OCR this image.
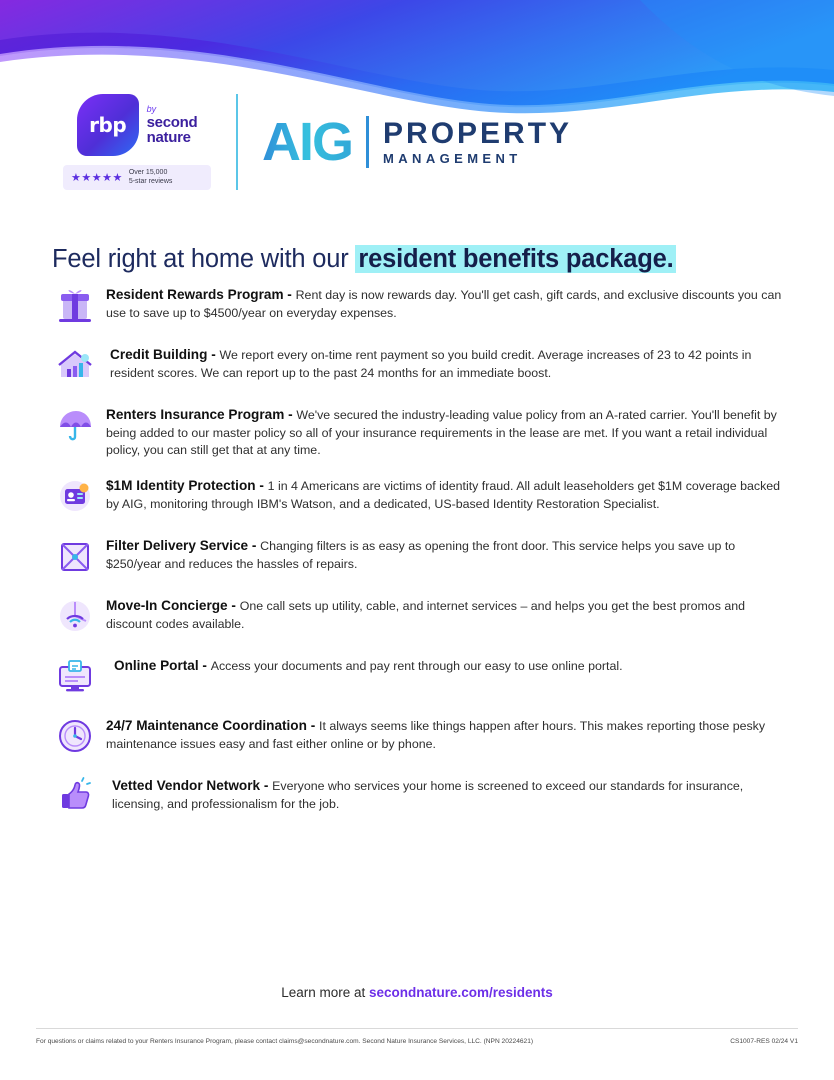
rbp
by
second
nature
★★★★★ Over 15,000
5-star reviews
AIG PROPERTY
MANAGEMENT
Feel right at home with our resident benefits package.
Resident Rewards Program - Rent day is now rewards day. You'll get cash, gift cards, and exclusive discounts you can use to save up to $4500/year on everyday expenses.
Credit Building - We report every on-time rent payment so you build credit. Average increases of 23 to 42 points in resident scores. We can report up to the past 24 months for an immediate boost.
Renters Insurance Program - We've secured the industry-leading value policy from an A-rated carrier. You'll benefit by being added to our master policy so all of your insurance requirements in the lease are met. If you want a retail individual policy, you can still get that at any time.
$1M Identity Protection - 1 in 4 Americans are victims of identity fraud. All adult leaseholders get $1M coverage backed by AIG, monitoring through IBM's Watson, and a dedicated, US-based Identity Restoration Specialist.
Filter Delivery Service - Changing filters is as easy as opening the front door. This service helps you save up to $250/year and reduces the hassles of repairs.
Move-In Concierge - One call sets up utility, cable, and internet services – and helps you get the best promos and discount codes available.
Online Portal - Access your documents and pay rent through our easy to use online portal.
24/7 Maintenance Coordination - It always seems like things happen after hours. This makes reporting those pesky maintenance issues easy and fast either online or by phone.
Vetted Vendor Network - Everyone who services your home is screened to exceed our standards for insurance, licensing, and professionalism for the job.
Learn more at secondnature.com/residents
For questions or claims related to your Renters Insurance Program, please contact claims@secondnature.com. Second Nature Insurance Services, LLC. (NPN 20224621)	CS1007-RES 02/24 V1
